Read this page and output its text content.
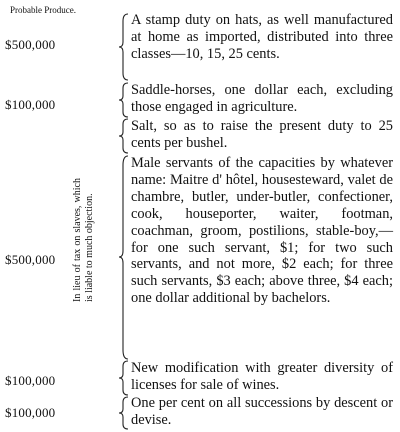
Probable Produce.
$500,000
A stamp duty on hats, as well manufactured at home as imported, distributed into three classes—10, 15, 25 cents.
$100,000
Saddle-horses, one dollar each, excluding those engaged in agriculture.
Salt, so as to raise the present duty to 25 cents per bushel.
In lieu of tax on slaves, which is liable to much objection.
$500,000
Male servants of the capacities by whatever name: Maitre d' hôtel, housesteward, valet de chambre, butler, under-butler, confectioner, cook, houseporter, waiter, footman, coachman, groom, postilions, stable-boy,—for one such servant, $1; for two such servants, and not more, $2 each; for three such servants, $3 each; above three, $4 each; one dollar additional by bachelors.
$100,000
New modification with greater diversity of licenses for sale of wines.
$100,000
One per cent on all successions by descent or devise.
